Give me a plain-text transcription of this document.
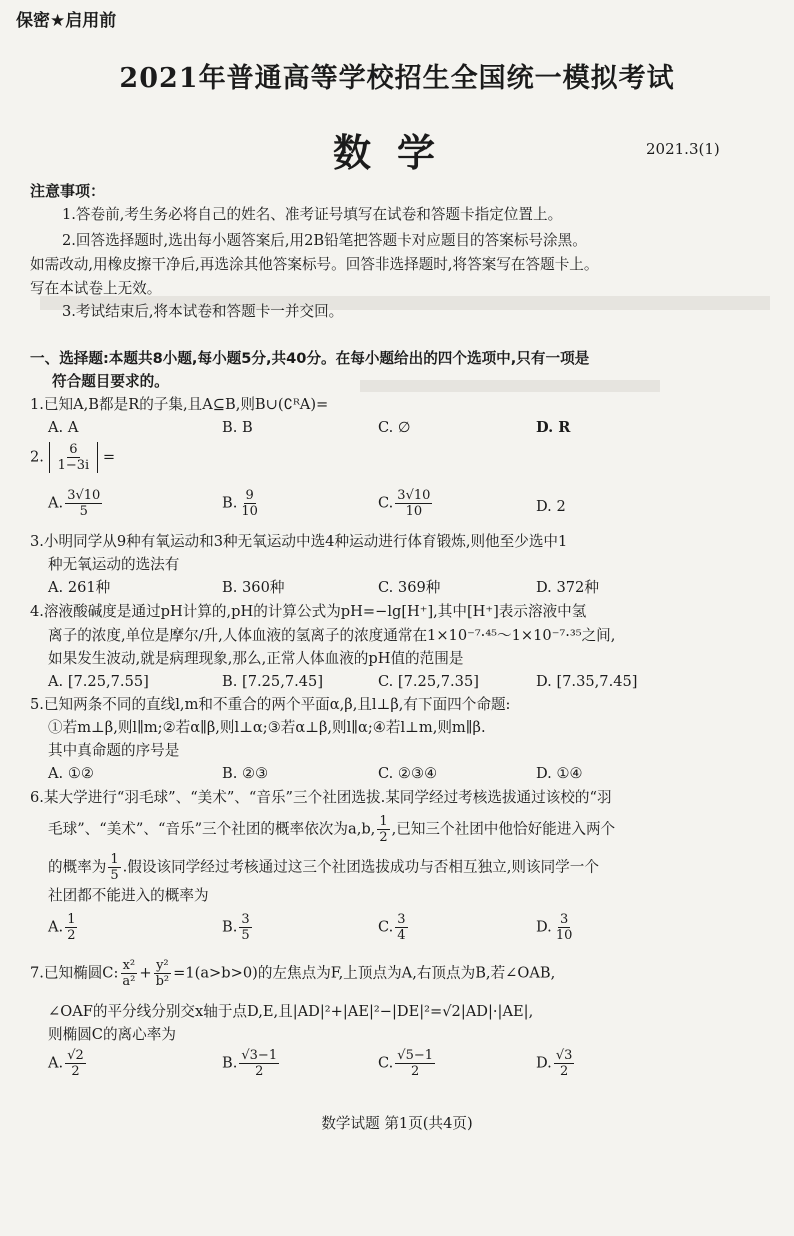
保密★启用前
2021年普通高等学校招生全国统一模拟考试
数学	2021.3(1)
注意事项：
1.答卷前,考生务必将自己的姓名、准考证号填写在试卷和答题卡指定位置上。
2.回答选择题时,选出每小题答案后,用2B铅笔把答题卡对应题目的答案标号涂黑。
如需改动,用橡皮擦干净后,再选涂其他答案标号。回答非选择题时,将答案写在答题卡上。
写在本试卷上无效。
3.考试结束后,将本试卷和答题卡一并交回。
一、选择题:本题共8小题,每小题5分,共40分。在每小题给出的四个选项中,只有一项是
符合题目要求的。
1.已知A,B都是R的子集,且A⊆B,则B∪(∁ᴿA)=
A. A	B. B	C. ∅	D. R
2. $\frac{6}{1-3i}$ =
A. $\frac{3√10}{5}$	B. $\frac{9}{10}$	C. $\frac{3√10}{10}$	D. 2
3.小明同学从9种有氧运动和3种无氧运动中选4种运动进行体育锻炼,则他至少选中1
种无氧运动的选法有
A. 261种	B. 360种	C. 369种	D. 372种
4.溶液酸碱度是通过pH计算的,pH的计算公式为pH=−lg[H⁺],其中[H⁺]表示溶液中氢
离子的浓度,单位是摩尔/升,人体血液的氢离子的浓度通常在1×10⁻⁷·⁴⁵～1×10⁻⁷·³⁵之间,
如果发生波动,就是病理现象,那么,正常人体血液的pH值的范围是
A. [7.25,7.55]	B. [7.25,7.45]	C. [7.25,7.35]	D. [7.35,7.45]
5.已知两条不同的直线l,m和不重合的两个平面α,β,且l⊥β,有下面四个命题:
①若m⊥β,则l∥m;②若α∥β,则l⊥α;③若α⊥β,则l∥α;④若l⊥m,则m∥β.
其中真命题的序号是
A. ①②	B. ②③	C. ②③④	D. ①④
6.某大学进行“羽毛球”、“美术”、“音乐”三个社团选拔.某同学经过考核选拔通过该校的“羽
毛球”、“美术”、“音乐”三个社团的概率依次为a,b, $\frac{1}{2}$ ,已知三个社团中他恰好能进入两个
的概率为 $\frac{1}{5}$ .假设该同学经过考核通过这三个社团选拔成功与否相互独立,则该同学一个
社团都不能进入的概率为
A. $\frac{1}{2}$	B. $\frac{3}{5}$	C. $\frac{3}{4}$	D. $\frac{3}{10}$
7.已知椭圆C: $\frac{\text{x²}}{\text{a²}} + \frac{\text{y²}}{\text{b²}} =1(a>b>0)$的左焦点为F,上顶点为A,右顶点为B,若∠OAB,
∠OAF的平分线分别交x轴于点D,E,且|AD|²+|AE|²−|DE|²=√2|AD|·|AE|,
则椭圆C的离心率为
A. $\frac{√2}{2}$	B. $\frac{√3-1}{2}$	C. $\frac{√5-1}{2}$	D. $\frac{√3}{2}$
数学试题 第1页(共4页)
